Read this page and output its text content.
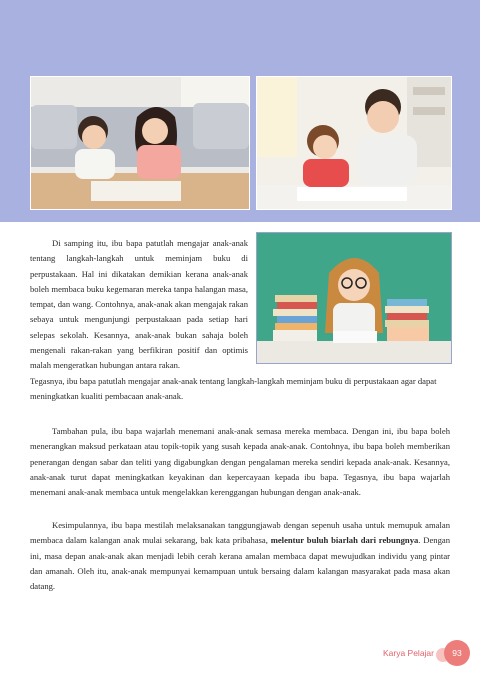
Di samping itu, ibu bapa patutlah mengajar anak-anak tentang langkah-langkah untuk meminjam buku di perpustakaan. Hal ini dikatakan demikian kerana anak-anak boleh membaca buku kegemaran mereka tanpa halangan masa, tempat, dan wang. Contohnya, anak-anak akan mengajak rakan sebaya untuk mengunjungi perpustakaan pada setiap hari selepas sekolah. Kesannya, anak-anak bukan sahaja boleh mengenali rakan-rakan yang berfikiran positif dan optimis malah mengeratkan hubungan antara rakan.

Tegasnya, ibu bapa patutlah mengajar anak-anak tentang langkah-langkah meminjam buku di perpustakaan agar dapat meningkatkan kualiti pembacaan anak-anak.

Tambahan pula, ibu bapa wajarlah menemani anak-anak semasa mereka membaca. Dengan ini, ibu bapa boleh menerangkan maksud perkataan atau topik-topik yang susah kepada anak-anak. Contohnya, ibu bapa boleh memberikan penerangan dengan sabar dan teliti yang digabungkan dengan pengalaman mereka sendiri kepada anak-anak. Kesannya, anak-anak turut dapat meningkatkan keyakinan dan kepercayaan kepada ibu bapa. Tegasnya, ibu bapa wajarlah menemani anak-anak membaca untuk mengelakkan kerenggangan hubungan dengan anak-anak.

Kesimpulannya, ibu bapa mestilah melaksanakan tanggungjawab dengan sepenuh usaha untuk memupuk amalan membaca dalam kalangan anak mulai sekarang, bak kata pribahasa, melentur buluh biarlah dari rebungnya. Dengan ini, masa depan anak-anak akan menjadi lebih cerah kerana amalan membaca dapat mewujudkan individu yang pintar dan amanah. Oleh itu, anak-anak mempunyai kemampuan untuk bersaing dalam kalangan masyarakat pada masa akan datang.

Karya Pelajar	93
